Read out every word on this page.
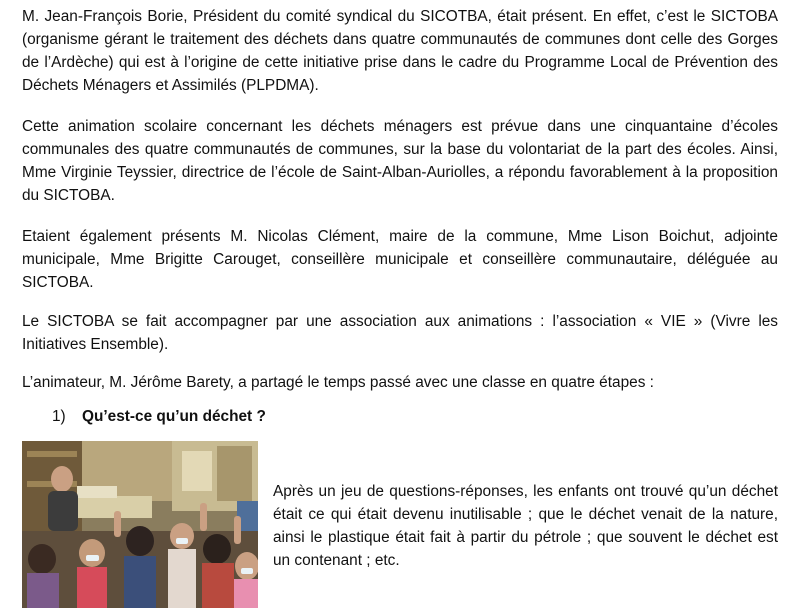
M. Jean-François Borie, Président du comité syndical du SICOTBA, était présent. En effet, c’est le SICTOBA (organisme gérant le traitement des déchets dans quatre communautés de communes dont celle des Gorges de l’Ardèche) qui est à l’origine de cette initiative prise dans le cadre du Programme Local de Prévention des Déchets Ménagers et Assimilés (PLPDMA).

Cette animation scolaire concernant les déchets ménagers est prévue dans une cinquantaine d’écoles communales des quatre communautés de communes, sur la base du volontariat de la part des écoles. Ainsi, Mme Virginie Teyssier, directrice de l’école de Saint-Alban-Auriolles, a répondu favorablement à la proposition du SICTOBA.

Etaient également présents M. Nicolas Clément, maire de la commune, Mme Lison Boichut, adjointe municipale, Mme Brigitte Carouget, conseillère municipale et conseillère communautaire, déléguée au SICTOBA.

Le SICTOBA se fait accompagner par une association aux animations : l’association « VIE » (Vivre les Initiatives Ensemble).

L’animateur, M. Jérôme Barety, a partagé le temps passé avec une classe en quatre étapes :

1) Qu’est-ce qu’un déchet ?

Après un jeu de questions-réponses, les enfants ont trouvé qu’un déchet était ce qui était devenu inutilisable ; que le déchet venait de la nature, ainsi le plastique était fait à partir du pétrole ; que souvent le déchet est un contenant ; etc.
